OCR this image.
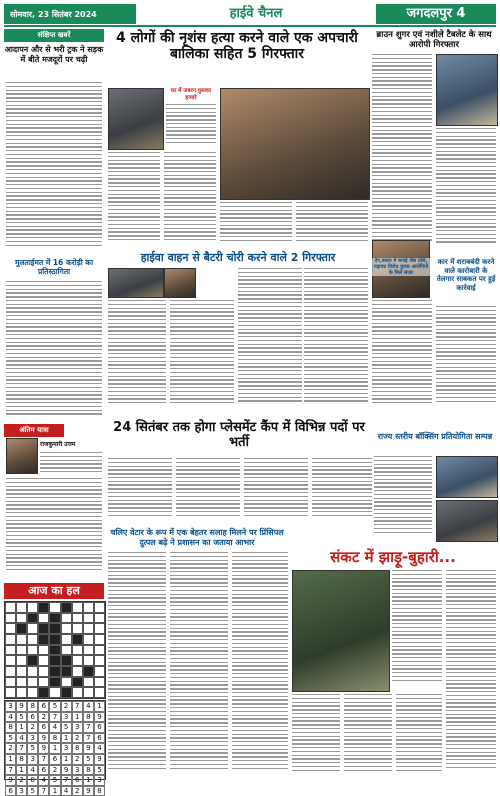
सोमवार, 23 सितंबर 2024	हाईवे चैनल	जगदलपुर 4
संक्षिप्त खबरें
आदापन और से भरी ट्रक ने सड़क में बीते मजदूरों पर चढ़ी
मुलताईमत में 16 करोड़ी का प्रतिस्ठागिता
अंतिम यात्रा
राजकुमारी उत्तम
आज का हल
3 9 8 6 5 2 7 4 1
4 5 6 2 7 3 1 8 9
8 1 2 6 4 5 3 7 6
5 4 3 9 8 1 2 7 6
2 7 5 9 1 3 8 9 4
1 8 3 7 6 1 2 5 9
7 1 4 6 2 9 3 8 5
9 2 8 4 5 7 6 1 3
6 3 5 7 1 4 2 9 8
4 लोगों की नृशंस हत्या करने वाले एक अपचारी बालिका सहित 5 गिरफ्तार
घर में जबरन घुसकर हत्यारे
हाईवा वाहन से बैटरी चोरी करने वाले 2 गिरफ्तार
24 सितंबर तक होगा प्लेसमेंट कैंप में विभिन्न पदों पर भर्ती
चलिए वेटार के रूप में एक बेहतर सलाह मिलने पर प्रिंसिपल दुत्पल बढ़े ने प्रशासन का जताया आभार
संकट में झाड़ू-बुहारी...
ब्राउन शुगर एवं नशीले टैबलेट के साथ आरोपी गिरफ्तार
देप,बस्तर में बनाई जैस प्रोसे, गद्दावध विरोध युवक आरोपियों के मिले संजर
कार में शराबबंदी करने वाले कारोबारी के तेलगार साबकत पर हुई कार्रवाई
राज्य स्तरीय बॉक्सिंग प्रतियोगिता सम्पन्न
